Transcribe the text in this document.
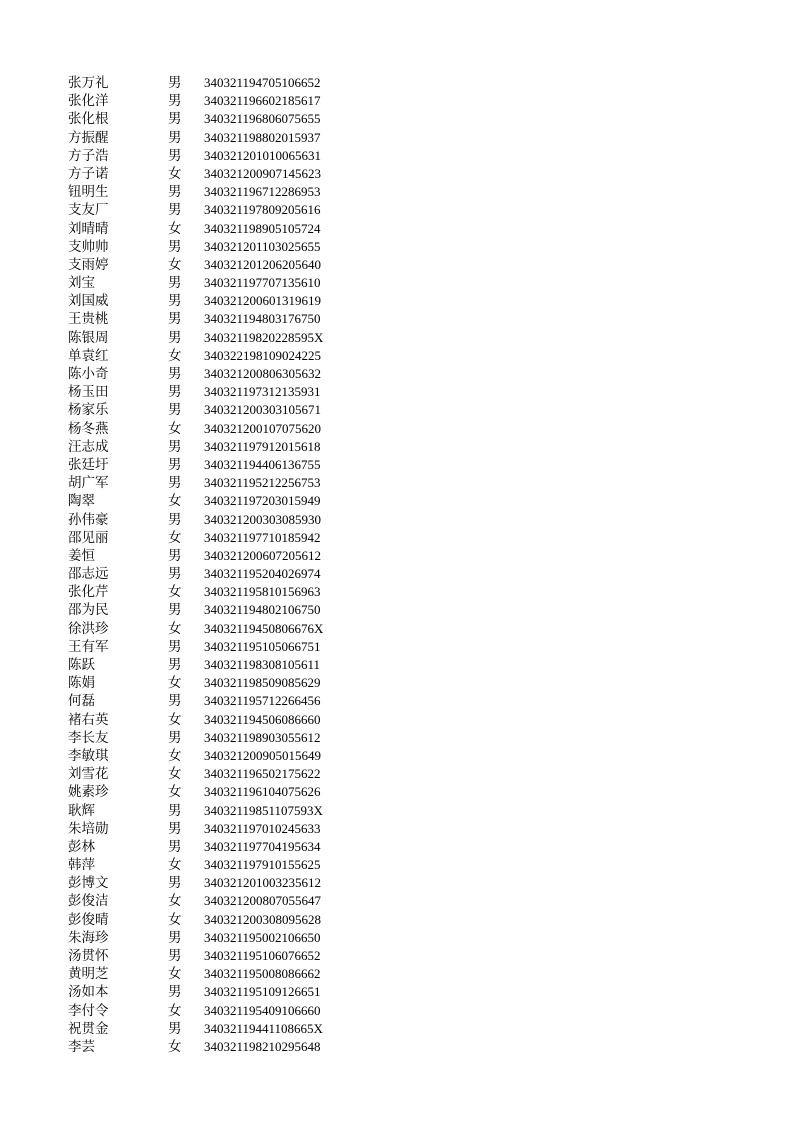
张万礼	男	340321194705106652
张化洋	男	340321196602185617
张化根	男	340321196806075655
方振醒	男	340321198802015937
方子浩	男	340321201010065631
方子诺	女	340321200907145623
钮明生	男	340321196712286953
支友厂	男	340321197809205616
刘晴晴	女	340321198905105724
支帅帅	男	340321201103025655
支雨婷	女	340321201206205640
刘宝	男	340321197707135610
刘国威	男	340321200601319619
王贵桃	男	340321194803176750
陈银周	男	34032119820228595X
单袁红	女	340322198109024225
陈小奇	男	340321200806305632
杨玉田	男	340321197312135931
杨家乐	男	340321200303105671
杨冬燕	女	340321200107075620
汪志成	男	340321197912015618
张廷圩	男	340321194406136755
胡广军	男	340321195212256753
陶翠	女	340321197203015949
孙伟豪	男	340321200303085930
邵见丽	女	340321197710185942
姜恒	男	340321200607205612
邵志远	男	340321195204026974
张化芹	女	340321195810156963
邵为民	男	340321194802106750
徐洪珍	女	34032119450806676X
王有军	男	340321195105066751
陈跃	男	340321198308105611
陈娟	女	340321198509085629
何磊	男	340321195712266456
褚右英	女	340321194506086660
李长友	男	340321198903055612
李敏琪	女	340321200905015649
刘雪花	女	340321196502175622
姚素珍	女	340321196104075626
耿辉	男	34032119851107593X
朱培勋	男	340321197010245633
彭林	男	340321197704195634
韩萍	女	340321197910155625
彭博文	男	340321201003235612
彭俊洁	女	340321200807055647
彭俊晴	女	340321200308095628
朱海珍	男	340321195002106650
汤贯怀	男	340321195106076652
黄明芝	女	340321195008086662
汤如本	男	340321195109126651
李付令	女	340321195409106660
祝贯金	男	34032119441108665X
李芸	女	340321198210295648
